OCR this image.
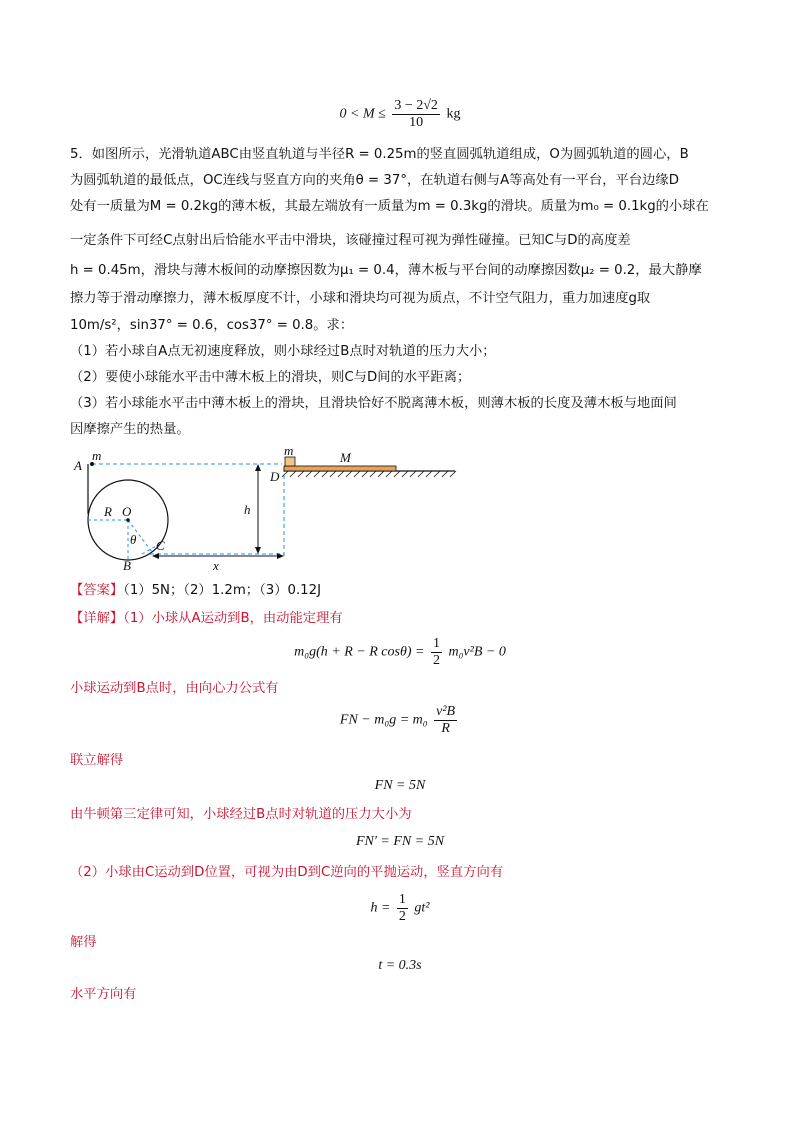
$0 < M \le \frac{3 - 2√2}{10}$ kg
5．如图所示，光滑轨道ABC由竖直轨道与半径R = 0.25m的竖直圆弧轨道组成，O为圆弧轨道的圆心，B
为圆弧轨道的最低点，OC连线与竖直方向的夹角θ = 37°，在轨道右侧与A等高处有一平台，平台边缘D
处有一质量为M = 0.2kg的薄木板，其最左端放有一质量为m = 0.3kg的滑块。质量为m₀ = 0.1kg的小球在
一定条件下可经C点射出后恰能水平击中滑块，该碰撞过程可视为弹性碰撞。已知C与D的高度差
h = 0.45m，滑块与薄木板间的动摩擦因数为μ₁ = 0.4，薄木板与平台间的动摩擦因数μ₂ = 0.2，最大静摩
擦力等于滑动摩擦力，薄木板厚度不计，小球和滑块均可视为质点，不计空气阻力，重力加速度g取
10m/s²，sin37° = 0.6，cos37° = 0.8。求：
（1）若小球自A点无初速度释放，则小球经过B点时对轨道的压力大小；
（2）要使小球能水平击中薄木板上的滑块，则C与D间的水平距离；
（3）若小球能水平击中薄木板上的滑块，且滑块恰好不脱离薄木板，则薄木板的长度及薄木板与地面间
因摩擦产生的热量。
A
m
R O
θ
B
C
x
h
D
m	M
【答案】（1）5N；（2）1.2m；（3）0.12J
【详解】（1）小球从A运动到B，由动能定理有
m₀g(h + R − R $\cos\theta) = \frac{1}{2} m_0v^2B - 0$
小球运动到B点时，由向心力公式有
FN − $m_0g = m_0 \frac{\text{v²B}}{R}$
联立解得
FN = 5N
由牛顿第三定律可知，小球经过B点时对轨道的压力大小为
FN′ = FN = 5N
（2）小球由C运动到D位置，可视为由D到C逆向的平抛运动，竖直方向有
$h = \frac{1}{2} gt^2$
解得
t = 0.3s
水平方向有
